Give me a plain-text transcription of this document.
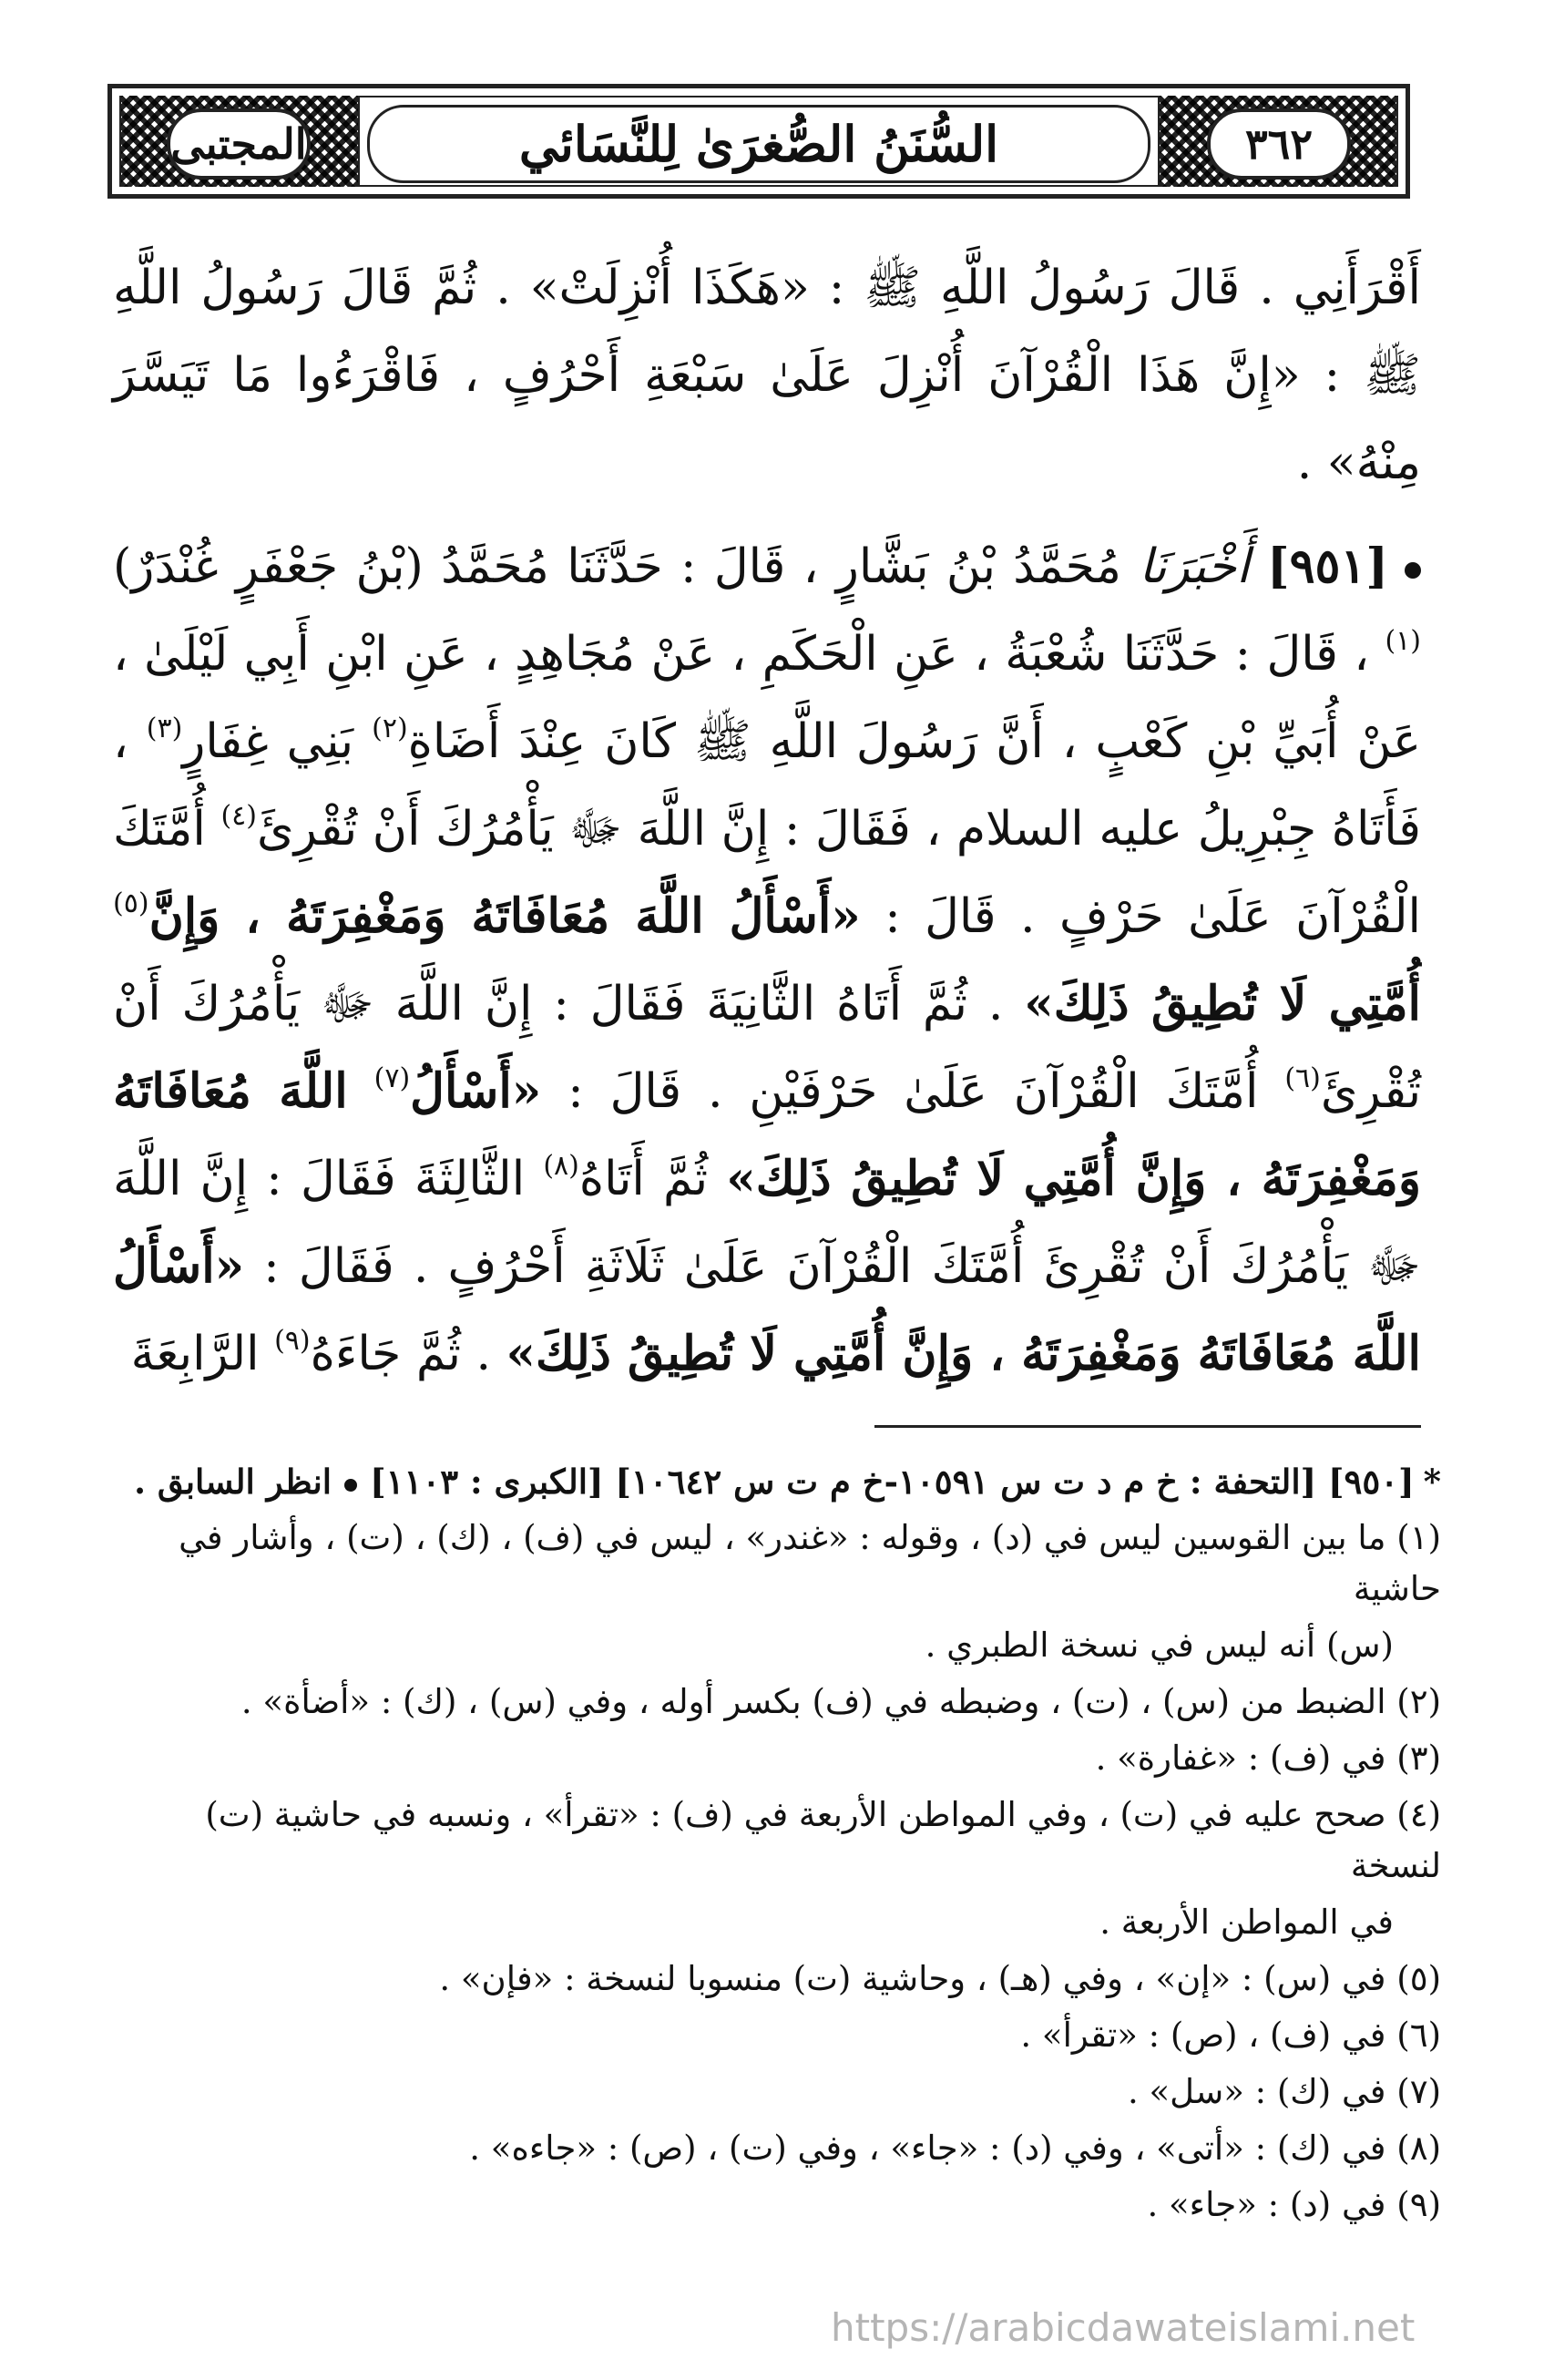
٣٦٢
المجتبى	السُّنَنُ الصُّغرَىٰ لِلنَّسَائي

أَقْرَأَنِي . قَالَ رَسُولُ اللَّهِ ﷺ : «هَكَذَا أُنْزِلَتْ» . ثُمَّ قَالَ رَسُولُ اللَّهِ ﷺ : «إِنَّ هَذَا الْقُرْآنَ أُنْزِلَ عَلَىٰ سَبْعَةِ أَحْرُفٍ ، فَاقْرَءُوا مَا تَيَسَّرَ مِنْهُ» .

[٩٥١] أَخْبَرَنَا مُحَمَّدُ بْنُ بَشَّارٍ ، قَالَ : حَدَّثَنَا مُحَمَّدُ (بْنُ جَعْفَرٍ غُنْدَرٌ)$^{(١)}$ ، قَالَ : حَدَّثَنَا شُعْبَةُ ، عَنِ الْحَكَمِ ، عَنْ مُجَاهِدٍ ، عَنِ ابْنِ أَبِي لَيْلَىٰ ، عَنْ أُبَيِّ بْنِ كَعْبٍ ، أَنَّ رَسُولَ اللَّهِ ﷺ كَانَ عِنْدَ أَضَاةِ$^{(٢)}$ بَنِي غِفَارٍ$^{(٣)}$ ، فَأَتَاهُ جِبْرِيلُ عليه السلام ، فَقَالَ : إِنَّ اللَّهَ ﷻ يَأْمُرُكَ أَنْ تُقْرِئَ$^{(٤)}$ أُمَّتَكَ الْقُرْآنَ عَلَىٰ حَرْفٍ . قَالَ : «أَسْأَلُ اللَّهَ مُعَافَاتَهُ وَمَغْفِرَتَهُ ، وَإِنَّ$^{(٥)}$ أُمَّتِي لَا تُطِيقُ ذَلِكَ» . ثُمَّ أَتَاهُ الثَّانِيَةَ فَقَالَ : إِنَّ اللَّهَ ﷻ يَأْمُرُكَ أَنْ تُقْرِئَ$^{(٦)}$ أُمَّتَكَ الْقُرْآنَ عَلَىٰ حَرْفَيْنِ . قَالَ : «أَسْأَلُ$^{(٧)}$ اللَّهَ مُعَافَاتَهُ وَمَغْفِرَتَهُ ، وَإِنَّ أُمَّتِي لَا تُطِيقُ ذَلِكَ» ثُمَّ أَتَاهُ$^{(٨)}$ الثَّالِثَةَ فَقَالَ : إِنَّ اللَّهَ ﷻ يَأْمُرُكَ أَنْ تُقْرِئَ أُمَّتَكَ الْقُرْآنَ عَلَىٰ ثَلَاثَةِ أَحْرُفٍ . فَقَالَ : «أَسْأَلُ اللَّهَ مُعَافَاتَهُ وَمَغْفِرَتَهُ ، وَإِنَّ أُمَّتِي لَا تُطِيقُ ذَلِكَ» . ثُمَّ جَاءَهُ$^{(٩)}$ الرَّابِعَةَ

*[٩٥٠] [التحفة : خ م د ت س ١٠٥٩١-خ م ت س ١٠٦٤٢] [الكبرى : ١١٠٣]انظر السابق .

(١) ما بين القوسين ليس في (د) ، وقوله : «غندر» ، ليس في (ف) ، (ك) ، (ت) ، وأشار في حاشية

(س) أنه ليس في نسخة الطبري .

(٢) الضبط من (س) ، (ت) ، وضبطه في (ف) بكسر أوله ، وفي (س) ، (ك) : «أضأة» .

(٣) في (ف) : «غفارة» .

(٤) صحح عليه في (ت) ، وفي المواطن الأربعة في (ف) : «تقرأ» ، ونسبه في حاشية (ت) لنسخة

في المواطن الأربعة .

(٥) في (س) : «إن» ، وفي (هـ) ، وحاشية (ت) منسوبا لنسخة : «فإن» .

(٦) في (ف) ، (ص) : «تقرأ» .

(٧) في (ك) : «سل» .

(٨) في (ك) : «أتى» ، وفي (د) : «جاء» ، وفي (ت) ، (ص) : «جاءه» .

(٩) في (د) : «جاء» .

https://arabicdawateislami.net
